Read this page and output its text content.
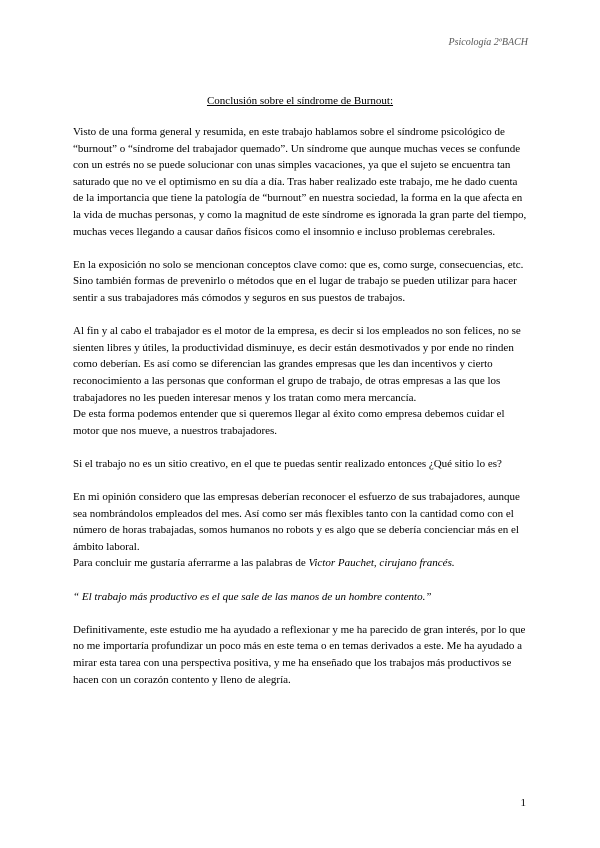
Psicología 2ºBACH
Conclusión sobre el síndrome de Burnout:

Visto de una forma general y resumida, en este trabajo hablamos sobre el síndrome psicológico de “burnout” o “síndrome del trabajador quemado”. Un síndrome que aunque muchas veces se confunde con un estrés no se puede solucionar con unas simples vacaciones, ya que el sujeto se encuentra tan saturado que no ve el optimismo en su día a día. Tras haber realizado este trabajo, me he dado cuenta de la importancia que tiene la patología de “burnout” en nuestra sociedad, la forma en la que afecta en la vida de muchas personas, y como la magnitud de este síndrome es ignorada la gran parte del tiempo, muchas veces llegando a causar daños físicos como el insomnio e incluso problemas cerebrales.

En la exposición no solo se mencionan conceptos clave como: que es, como surge, consecuencias, etc. Sino también formas de prevenirlo o métodos que en el lugar de trabajo se pueden utilizar para hacer sentir a sus trabajadores más cómodos y seguros en sus puestos de trabajos.

Al fin y al cabo el trabajador es el motor de la empresa, es decir si los empleados no son felices, no se sienten libres y útiles, la productividad disminuye, es decir están desmotivados y por ende no rinden como deberían. Es así como se diferencian las grandes empresas que les dan incentivos y cierto reconocimiento a las personas que conforman el grupo de trabajo, de otras empresas a las que los trabajadores no les pueden interesar menos y los tratan como mera mercancía.

De esta forma podemos entender que si queremos llegar al éxito como empresa debemos cuidar el motor que nos mueve, a nuestros trabajadores.

Si el trabajo no es un sitio creativo, en el que te puedas sentir realizado entonces ¿Qué sitio lo es?

En mi opinión considero que las empresas deberían reconocer el esfuerzo de sus trabajadores, aunque sea nombrándolos empleados del mes. Así como ser más flexibles tanto con la cantidad como con el número de horas trabajadas, somos humanos no robots y es algo que se debería concienciar más en el ámbito laboral.

Para concluir me gustaría aferrarme a las palabras de Victor Pauchet, cirujano francés.

“ El trabajo más productivo es el que sale de las manos de un hombre contento.”

Definitivamente, este estudio me ha ayudado a reflexionar y me ha parecido de gran interés, por lo que no me importaría profundizar un poco más en este tema o en temas derivados a este. Me ha ayudado a mirar esta tarea con una perspectiva positiva, y me ha enseñado que los trabajos más productivos se hacen con un corazón contento y lleno de alegría.

1
